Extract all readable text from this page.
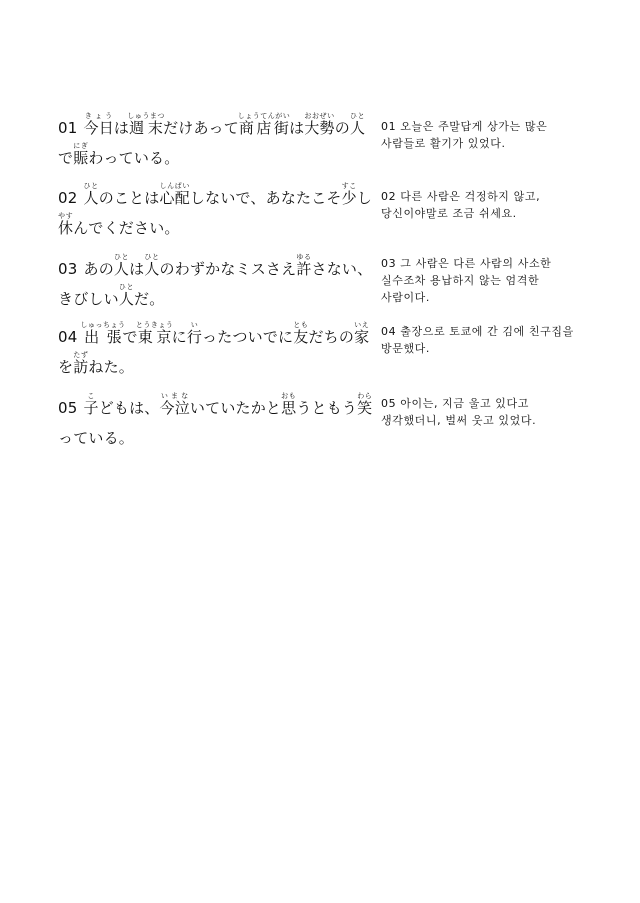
01 今日きょうは週末しゅうまつだけあって商店街しょうてんがいは大勢おおぜいの人ひとで賑にぎわっている。
01 오늘은 주말답게 상가는 많은 사람들로 활기가 있었다.
02 人ひとのことは心配しんぱいしないで、あなたこそ少すこし休やすんでください。
02 다른 사람은 걱정하지 않고, 당신이야말로 조금 쉬세요.
03 あの人ひとは人ひとのわずかなミスさえ許ゆるさない、きびしい人ひとだ。
03 그 사람은 다른 사람의 사소한 실수조차 용납하지 않는 엄격한 사람이다.
04 出張しゅっちょうで東京とうきょうに行いったついでに友ともだちの家いえを訪たずねた。
04 출장으로 토쿄에 간 김에 친구집을 방문했다.
05 子こどもは、今泣いまないていたかと思おもうともう笑わらっている。
05 아이는, 지금 울고 있다고 생각했더니, 벌써 웃고 있었다.
